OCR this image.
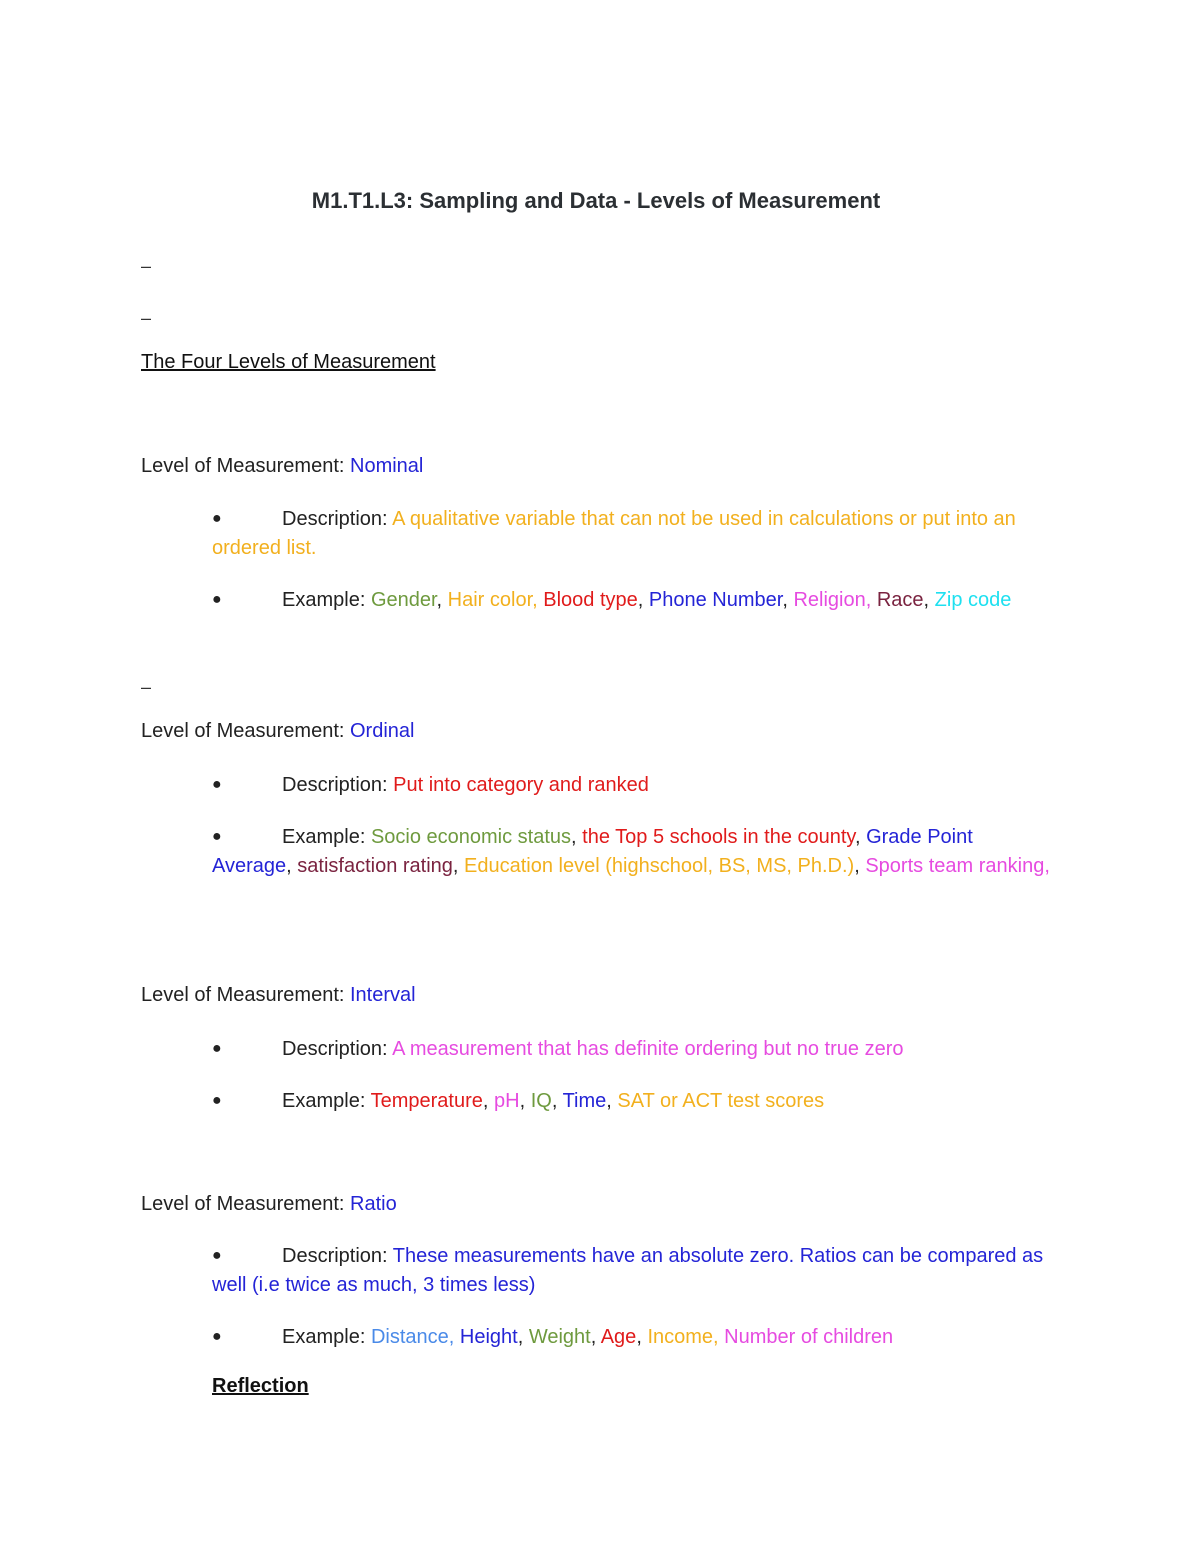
M1.T1.L3: Sampling and Data - Levels of Measurement
–
–
The Four Levels of Measurement

Level of Measurement: Nominal

●	Description: A qualitative variable that can not be used in calculations or put into an ordered list.

●	Example: Gender, Hair color, Blood type, Phone Number, Religion, Race, Zip code

–

Level of Measurement: Ordinal

●	Description: Put into category and ranked

●	Example: Socio economic status, the Top 5 schools in the county, Grade Point Average, satisfaction rating, Education level (highschool, BS, MS, Ph.D.), Sports team ranking,

Level of Measurement: Interval

●	Description: A measurement that has definite ordering but no true zero

●	Example: Temperature, pH, IQ, Time, SAT or ACT test scores

Level of Measurement: Ratio

●	Description: These measurements have an absolute zero. Ratios can be compared as well (i.e twice as much, 3 times less)

●	Example: Distance, Height, Weight, Age, Income, Number of children

Reflection
